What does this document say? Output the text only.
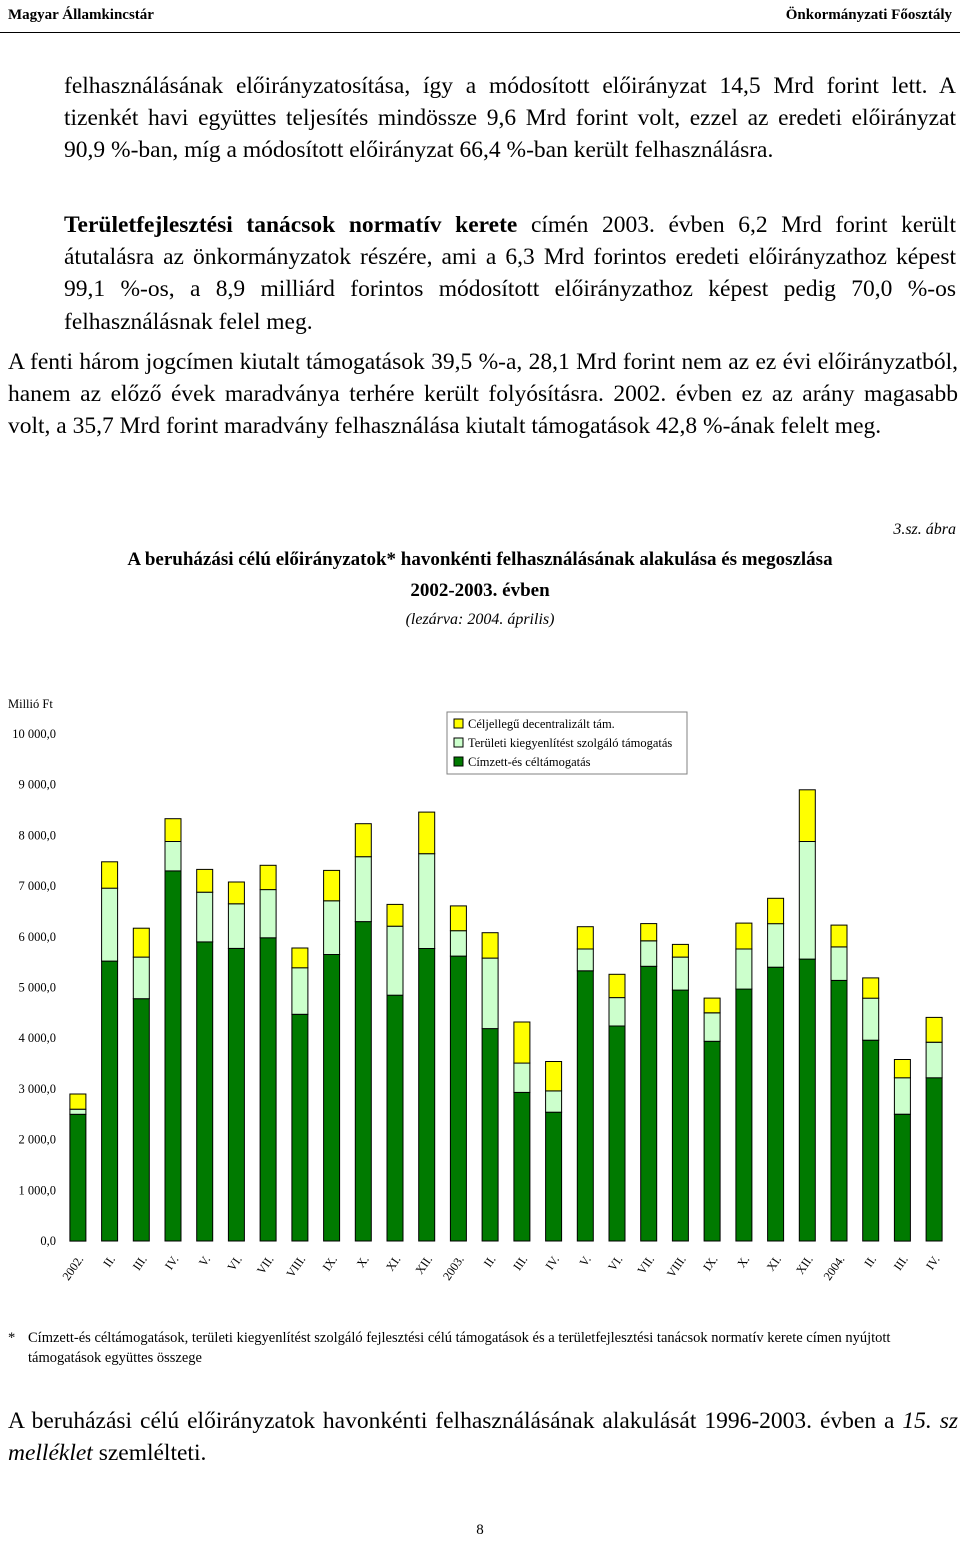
Magyar Államkincstár	Önkormányzati Főosztály

felhasználásának előirányzatosítása, így a módosított előirányzat 14,5 Mrd forint lett. A tizenkét havi együttes teljesítés mindössze 9,6 Mrd forint volt, ezzel az eredeti előirányzat 90,9 %-ban, míg a módosított előirányzat 66,4 %-ban került felhasználásra.

Területfejlesztési tanácsok normatív kerete címén 2003. évben 6,2 Mrd forint került átutalásra az önkormányzatok részére, ami a 6,3 Mrd forintos eredeti előirányzathoz képest 99,1 %-os, a 8,9 milliárd forintos módosított előirányzathoz képest pedig 70,0 %-os felhasználásnak felel meg.

A fenti három jogcímen kiutalt támogatások 39,5 %-a, 28,1 Mrd forint nem az ez évi előirányzatból, hanem az előző évek maradványa terhére került folyósításra. 2002. évben ez az arány magasabb volt, a 35,7 Mrd forint maradvány felhasználása kiutalt támogatások 42,8 %-ának felelt meg.

3.sz. ábra
A beruházási célú előirányzatok* havonkénti felhasználásának alakulása és megoszlása
2002-2003. évben
(lezárva: 2004. április)
Millió Ft
0,0
1 000,0
2 000,0
3 000,0
4 000,0
5 000,0
6 000,0
7 000,0
8 000,0
9 000,0
10 000,0
2002. II. III. IV. V. VI. VII. VIII. IX. X. XI. XII. 2003. II. III. IV. V. VI. VII. VIII. IX. X. XI. XII. 2004. II. III. IV.
Céljellegű decentralizált tám.
Területi kiegyenlítést szolgáló támogatás
Címzett-és céltámogatás
* Címzett-és céltámogatások, területi kiegyenlítést szolgáló fejlesztési célú támogatások és a területfejlesztési tanácsok normatív kerete címen nyújtott támogatások együttes összege

A beruházási célú előirányzatok havonkénti felhasználásának alakulását 1996-2003. évben a 15. sz melléklet szemlélteti.

8
